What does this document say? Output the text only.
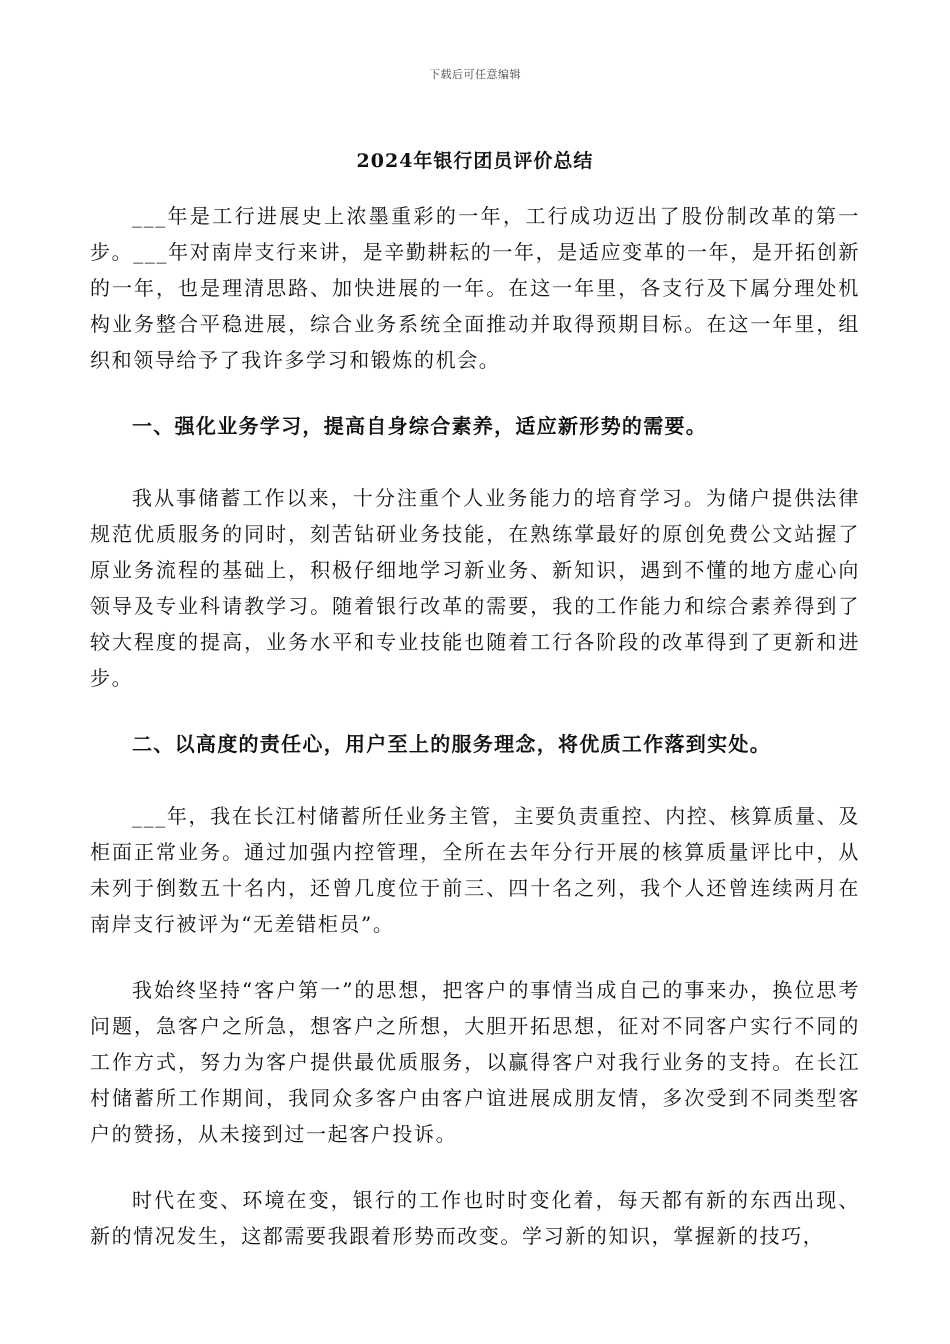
下载后可任意编辑
2024年银行团员评价总结

___年是工行进展史上浓墨重彩的一年，工行成功迈出了股份制改革的第一步。___年对南岸支行来讲，是辛勤耕耘的一年，是适应变革的一年，是开拓创新的一年，也是理清思路、加快进展的一年。在这一年里，各支行及下属分理处机构业务整合平稳进展，综合业务系统全面推动并取得预期目标。在这一年里，组织和领导给予了我许多学习和锻炼的机会。

一、强化业务学习，提高自身综合素养，适应新形势的需要。

我从事储蓄工作以来，十分注重个人业务能力的培育学习。为储户提供法律规范优质服务的同时，刻苦钻研业务技能，在熟练掌最好的原创免费公文站握了原业务流程的基础上，积极仔细地学习新业务、新知识，遇到不懂的地方虚心向领导及专业科请教学习。随着银行改革的需要，我的工作能力和综合素养得到了较大程度的提高，业务水平和专业技能也随着工行各阶段的改革得到了更新和进步。

二、以高度的责任心，用户至上的服务理念，将优质工作落到实处。

___年，我在长江村储蓄所任业务主管，主要负责重控、内控、核算质量、及柜面正常业务。通过加强内控管理，全所在去年分行开展的核算质量评比中，从未列于倒数五十名内，还曾几度位于前三、四十名之列，我个人还曾连续两月在南岸支行被评为“无差错柜员”。

我始终坚持“客户第一”的思想，把客户的事情当成自己的事来办，换位思考问题，急客户之所急，想客户之所想，大胆开拓思想，征对不同客户实行不同的工作方式，努力为客户提供最优质服务，以赢得客户对我行业务的支持。在长江村储蓄所工作期间，我同众多客户由客户谊进展成朋友情，多次受到不同类型客户的赞扬，从未接到过一起客户投诉。

时代在变、环境在变，银行的工作也时时变化着，每天都有新的东西出现、新的情况发生，这都需要我跟着形势而改变。学习新的知识，掌握新的技巧，
